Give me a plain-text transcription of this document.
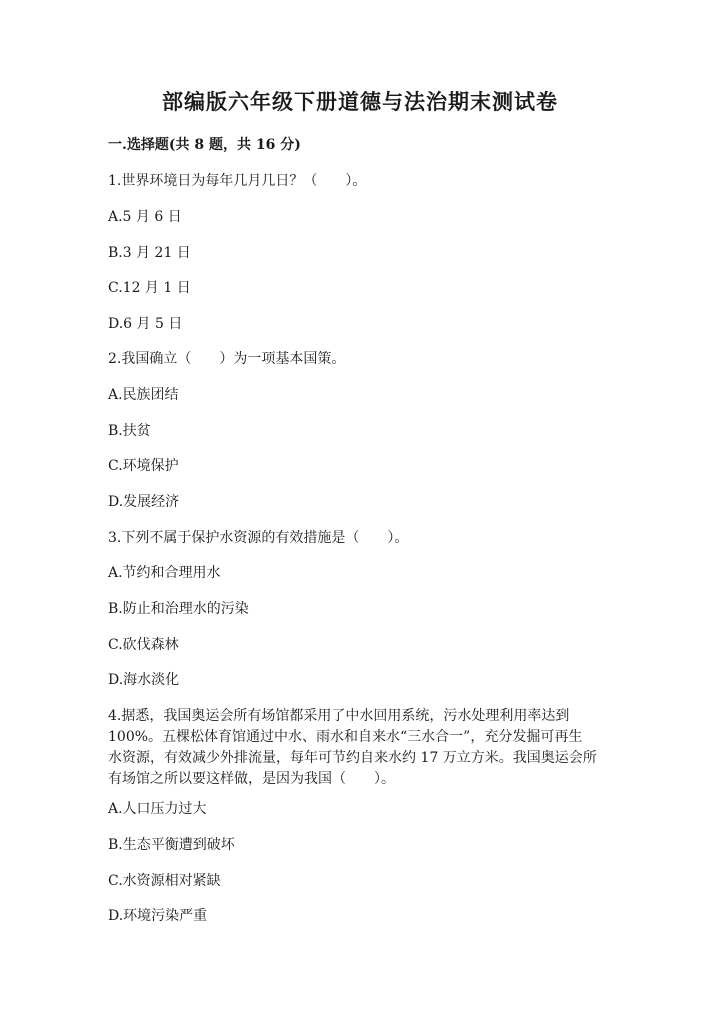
部编版六年级下册道德与法治期末测试卷
一.选择题(共 8 题，共 16 分)
1.世界环境日为每年几月几日？（　　）。
A.5 月 6 日
B.3 月 21 日
C.12 月 1 日
D.6 月 5 日
2.我国确立（　　）为一项基本国策。
A.民族团结
B.扶贫
C.环境保护
D.发展经济
3.下列不属于保护水资源的有效措施是（　　）。
A.节约和合理用水
B.防止和治理水的污染
C.砍伐森林
D.海水淡化
4.据悉，我国奥运会所有场馆都采用了中水回用系统，污水处理利用率达到
100%。五棵松体育馆通过中水、雨水和自来水“三水合一”，充分发掘可再生
水资源，有效减少外排流量，每年可节约自来水约 17 万立方米。我国奥运会所
有场馆之所以要这样做，是因为我国（　　）。
A.人口压力过大
B.生态平衡遭到破坏
C.水资源相对紧缺
D.环境污染严重
